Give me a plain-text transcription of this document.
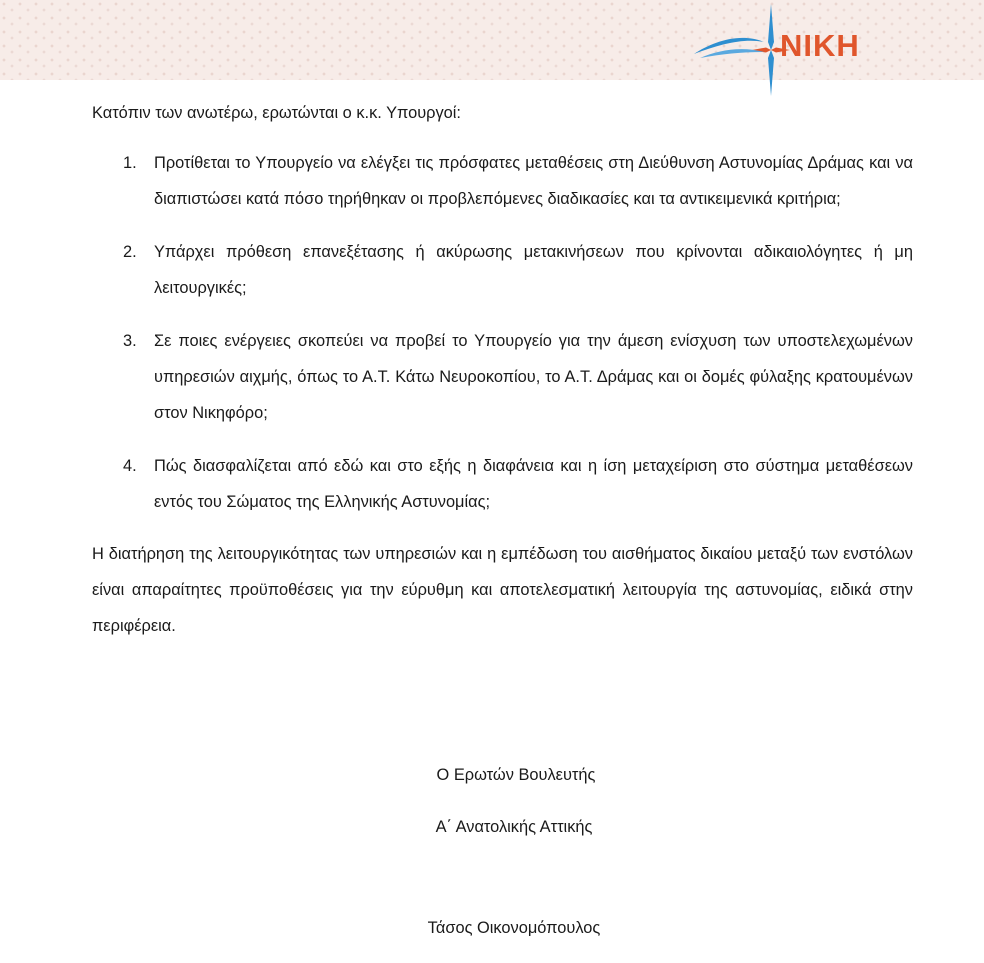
ΝΙΚΗ

Κατόπιν των ανωτέρω, ερωτώνται ο κ.κ. Υπουργοί:

1. Προτίθεται το Υπουργείο να ελέγξει τις πρόσφατες μεταθέσεις στη Διεύθυνση Αστυνομίας Δράμας και να διαπιστώσει κατά πόσο τηρήθηκαν οι προβλεπόμενες διαδικασίες και τα αντικειμενικά κριτήρια;
2. Υπάρχει πρόθεση επανεξέτασης ή ακύρωσης μετακινήσεων που κρίνονται αδικαιολόγητες ή μη λειτουργικές;
3. Σε ποιες ενέργειες σκοπεύει να προβεί το Υπουργείο για την άμεση ενίσχυση των υποστελεχωμένων υπηρεσιών αιχμής, όπως το Α.Τ. Κάτω Νευροκοπίου, το Α.Τ. Δράμας και οι δομές φύλαξης κρατουμένων στον Νικηφόρο;
4. Πώς διασφαλίζεται από εδώ και στο εξής η διαφάνεια και η ίση μεταχείριση στο σύστημα μεταθέσεων εντός του Σώματος της Ελληνικής Αστυνομίας;

Η διατήρηση της λειτουργικότητας των υπηρεσιών και η εμπέδωση του αισθήματος δικαίου μεταξύ των ενστόλων είναι απαραίτητες προϋποθέσεις για την εύρυθμη και αποτελεσματική λειτουργία της αστυνομίας, ειδικά στην περιφέρεια.

Ο Ερωτών Βουλευτής
Α΄ Ανατολικής Αττικής
Τάσος Οικονομόπουλος
